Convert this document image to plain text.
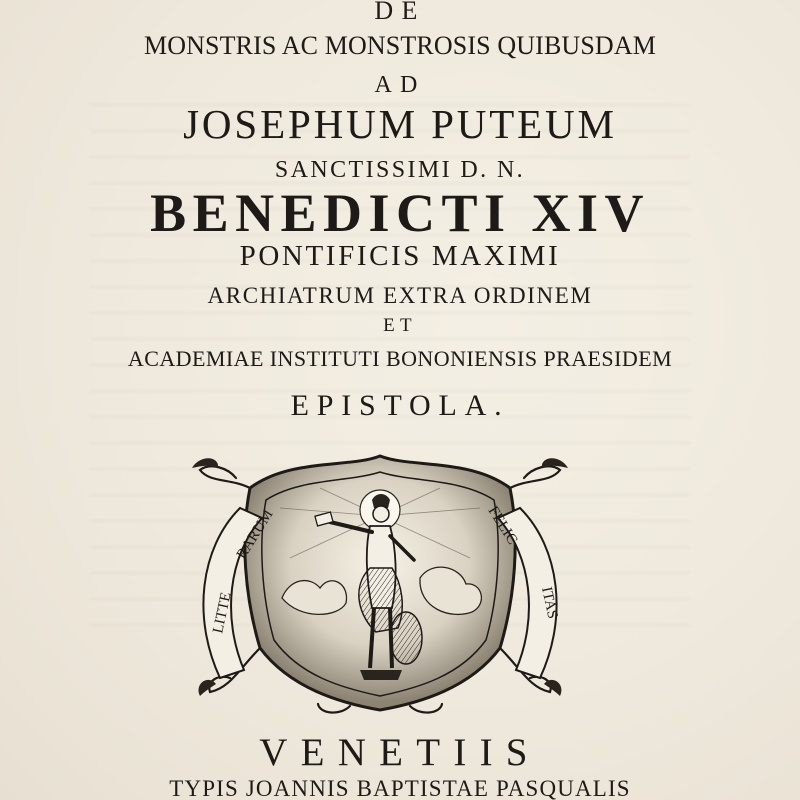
DE
MONSTRIS AC MONSTROSIS QUIBUSDAM
AD
JOSEPHUM PUTEUM
SANCTISSIMI D. N.
BENEDICTI XIV
PONTIFICIS MAXIMI
ARCHIATRUM EXTRA ORDINEM
ET
ACADEMIAE INSTITUTI BONONIENSIS PRAESIDEM
EPISTOLA.
LITTE
RARUM	FELIC
ITAS
VENETIIS
TYPIS JOANNIS BAPTISTAE PASQUALIS
